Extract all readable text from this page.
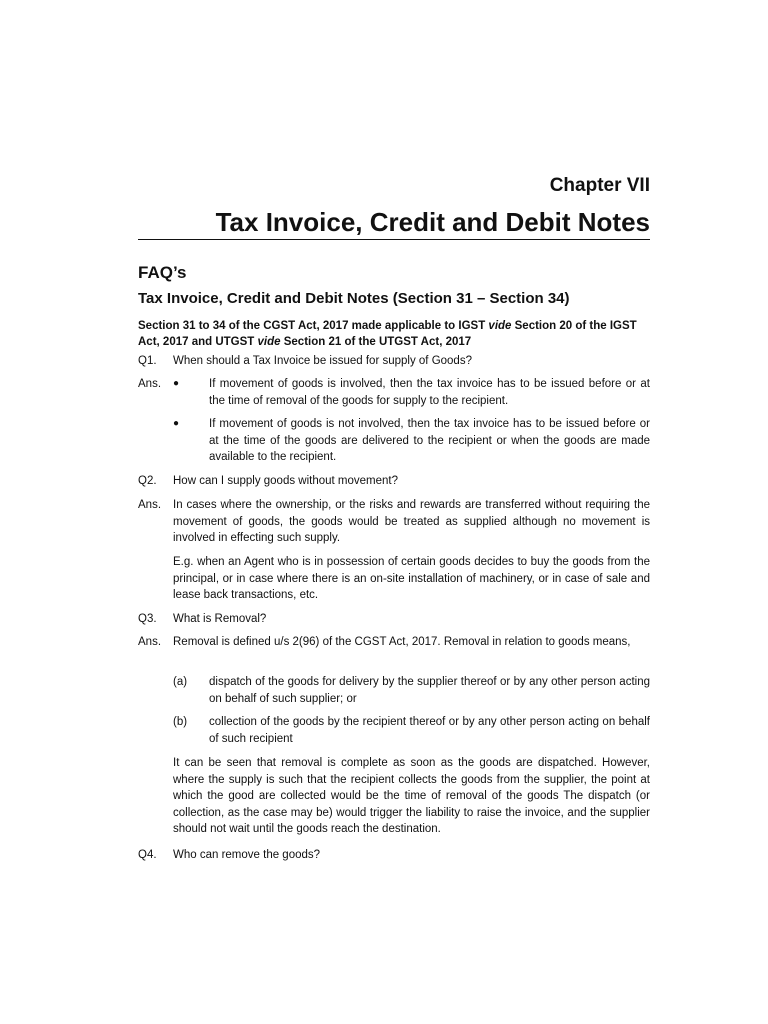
Chapter VII
Tax Invoice, Credit and Debit Notes
FAQ’s
Tax Invoice, Credit and Debit Notes (Section 31 – Section 34)
Section 31 to 34 of the CGST Act, 2017 made applicable to IGST vide Section 20 of the IGST Act, 2017 and UTGST vide Section 21 of the UTGST Act, 2017
Q1.	When should a Tax Invoice be issued for supply of Goods?
Ans.	●	If movement of goods is involved, then the tax invoice has to be issued before or at the time of removal of the goods for supply to the recipient.
●	If movement of goods is not involved, then the tax invoice has to be issued before or at the time of the goods are delivered to the recipient or when the goods are made available to the recipient.
Q2.	How can I supply goods without movement?
Ans.	In cases where the ownership, or the risks and rewards are transferred without requiring the movement of goods, the goods would be treated as supplied although no movement is involved in effecting such supply.
E.g. when an Agent who is in possession of certain goods decides to buy the goods from the principal, or in case where there is an on-site installation of machinery, or in case of sale and lease back transactions, etc.
Q3.	What is Removal?
Ans.	Removal is defined u/s 2(96) of the CGST Act, 2017. Removal in relation to goods means,
(a)	dispatch of the goods for delivery by the supplier thereof or by any other person acting on behalf of such supplier; or
(b)	collection of the goods by the recipient thereof or by any other person acting on behalf of such recipient
It can be seen that removal is complete as soon as the goods are dispatched. However, where the supply is such that the recipient collects the goods from the supplier, the point at which the good are collected would be the time of removal of the goods The dispatch (or collection, as the case may be) would trigger the liability to raise the invoice, and the supplier should not wait until the goods reach the destination.
Q4.	Who can remove the goods?
